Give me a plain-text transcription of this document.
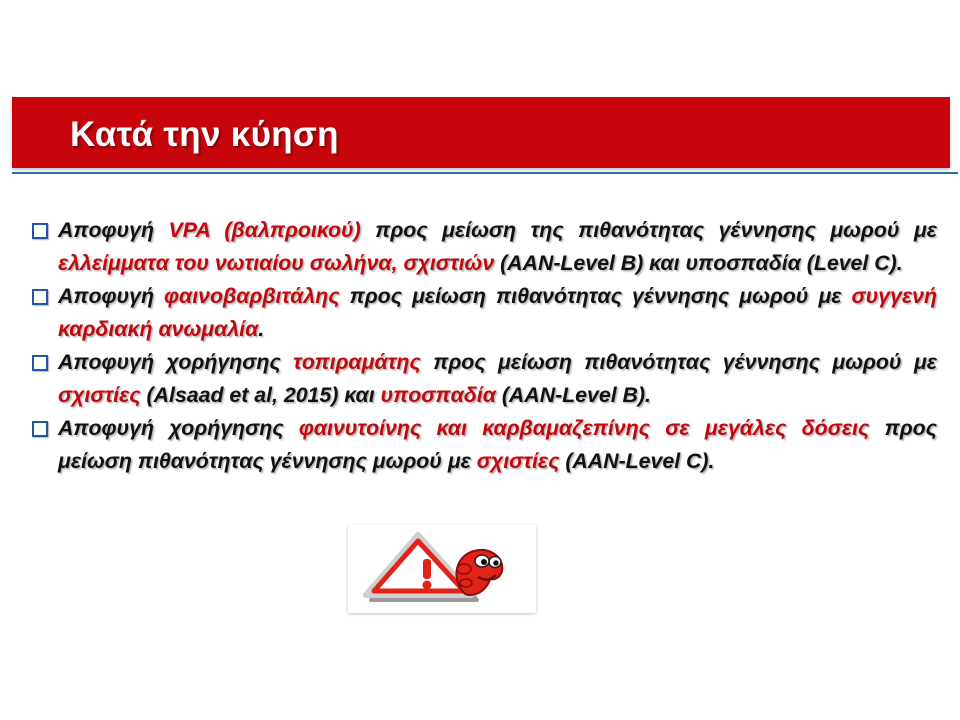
Κατά την κύηση
Αποφυγή VPA (βαλπροικού) προς μείωση της πιθανότητας γέννησης μωρού με ελλείμματα του νωτιαίου σωλήνα, σχιστιών (AAN-Level B) και υποσπαδία (Level C).
Αποφυγή φαινοβαρβιτάλης προς μείωση πιθανότητας γέννησης μωρού με συγγενή καρδιακή ανωμαλία.
Αποφυγή χορήγησης τοπιραμάτης προς μείωση πιθανότητας γέννησης μωρού με σχιστίες (Alsaad et al, 2015) και υποσπαδία (AAN-Level B).
Αποφυγή χορήγησης φαινυτοίνης και καρβαμαζεπίνης σε μεγάλες δόσεις προς μείωση πιθανότητας γέννησης μωρού με σχιστίες (AAN-Level C).
